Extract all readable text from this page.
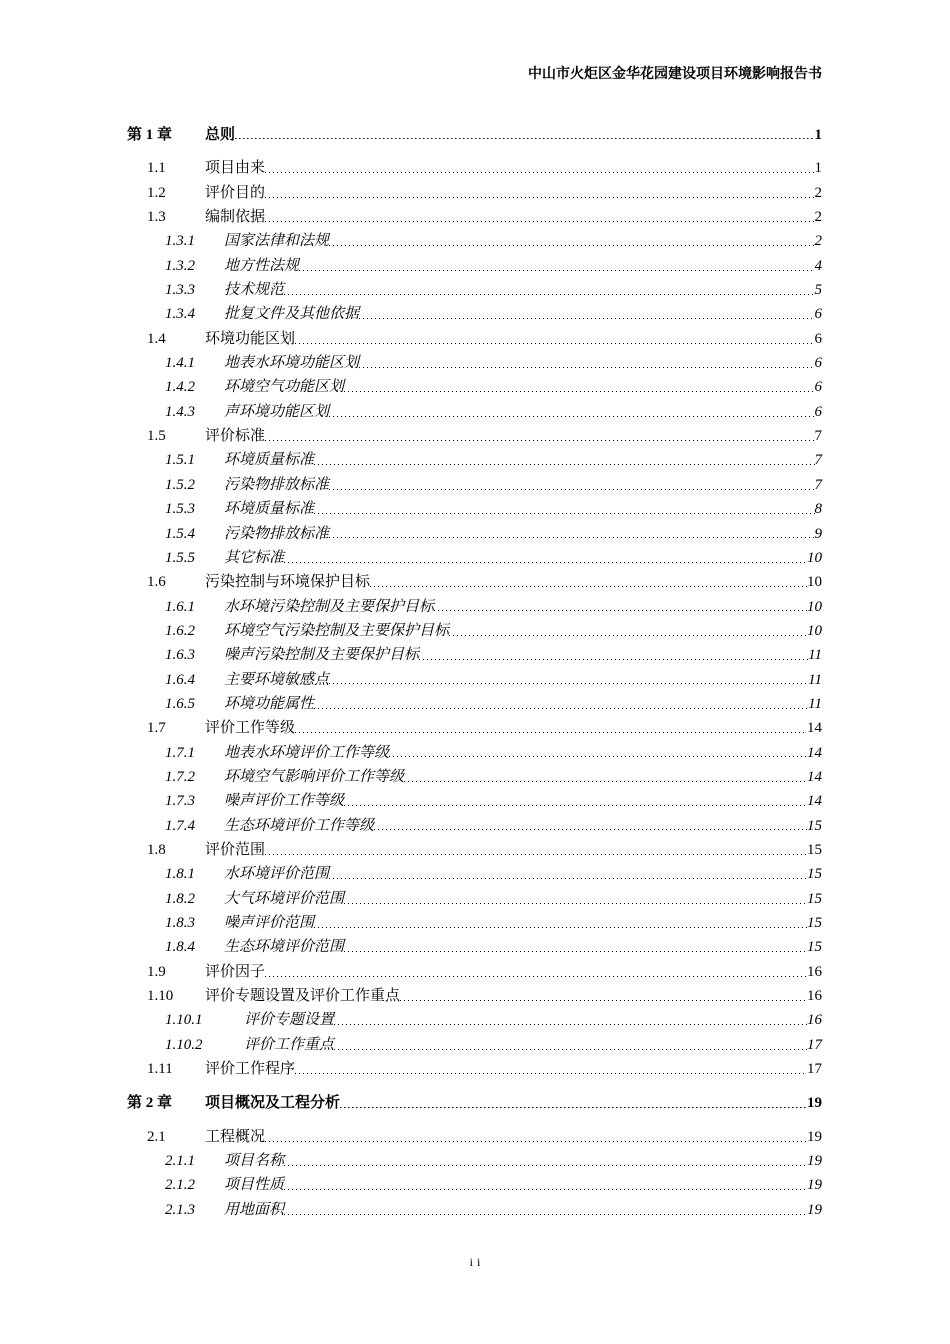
中山市火炬区金华花园建设项目环境影响报告书
第 1 章 总则	1
1.1	项目由来	1
1.2	评价目的	2
1.3	编制依据	2
1.3.1 国家法律和法规	2
1.3.2 地方性法规	4
1.3.3 技术规范	5
1.3.4 批复文件及其他依据	6
1.4	环境功能区划	6
1.4.1 地表水环境功能区划	6
1.4.2 环境空气功能区划	6
1.4.3 声环境功能区划	6
1.5	评价标准	7
1.5.1 环境质量标准	7
1.5.2 污染物排放标准	7
1.5.3 环境质量标准	8
1.5.4 污染物排放标准	9
1.5.5 其它标准	10
1.6	污染控制与环境保护目标	10
1.6.1 水环境污染控制及主要保护目标	10
1.6.2 环境空气污染控制及主要保护目标	10
1.6.3 噪声污染控制及主要保护目标	11
1.6.4 主要环境敏感点	11
1.6.5 环境功能属性	11
1.7	评价工作等级	14
1.7.1 地表水环境评价工作等级	14
1.7.2 环境空气影响评价工作等级	14
1.7.3 噪声评价工作等级	14
1.7.4 生态环境评价工作等级	15
1.8	评价范围	15
1.8.1 水环境评价范围	15
1.8.2 大气环境评价范围	15
1.8.3 噪声评价范围	15
1.8.4 生态环境评价范围	15
1.9	评价因子	16
1.10 评价专题设置及评价工作重点	16
1.10.1	评价专题设置	16
1.10.2	评价工作重点	17
1.11 评价工作程序	17
第 2 章 项目概况及工程分析	19
2.1	工程概况	19
2.1.1 项目名称	19
2.1.2 项目性质	19
2.1.3 用地面积	19
ii
